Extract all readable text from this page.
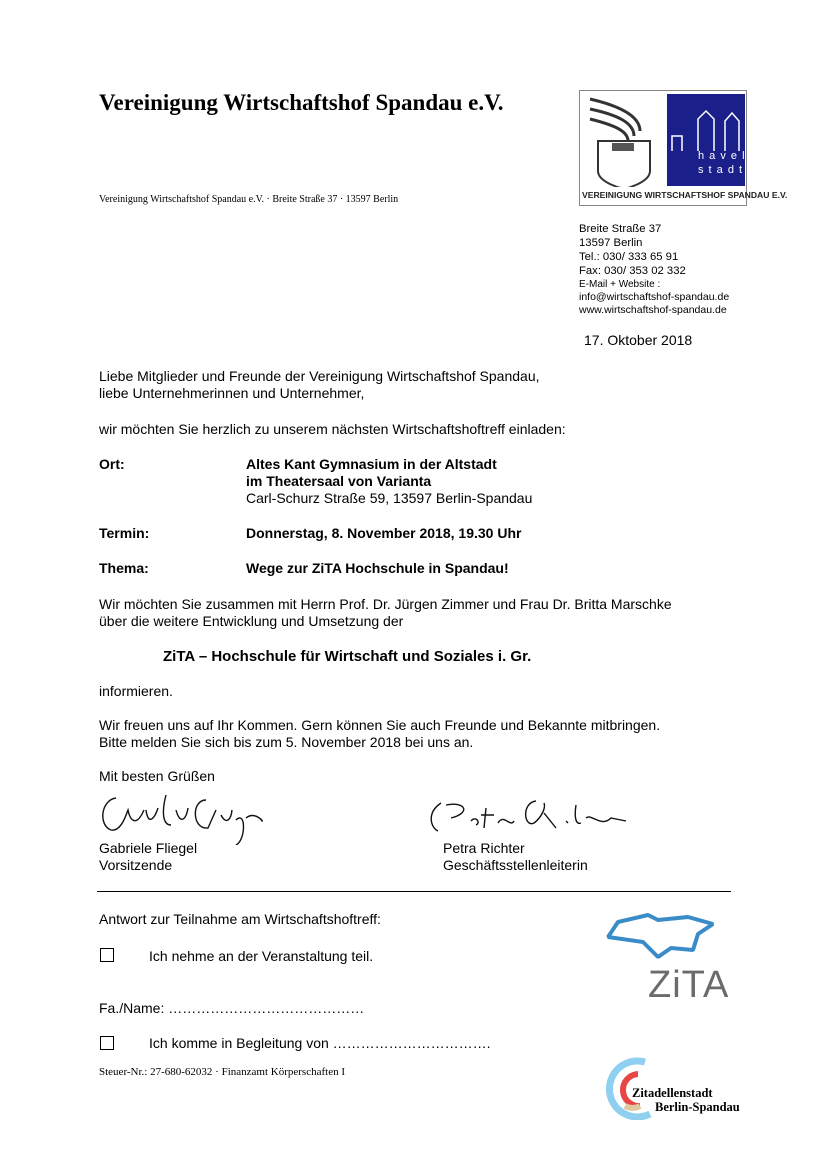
Vereinigung Wirtschaftshof Spandau e.V.
Vereinigung Wirtschaftshof Spandau e.V. · Breite Straße 37 · 13597 Berlin
h a v e l
s t a d t
VEREINIGUNG WIRTSCHAFTSHOF SPANDAU E.V.
Breite Straße 37
13597 Berlin
Tel.: 030/ 333 65 91
Fax: 030/ 353 02 332
E-Mail + Website :
info@wirtschaftshof-spandau.de
www.wirtschaftshof-spandau.de
17. Oktober 2018
Liebe Mitglieder und Freunde der Vereinigung Wirtschaftshof Spandau,
liebe Unternehmerinnen und Unternehmer,
wir möchten Sie herzlich zu unserem nächsten Wirtschaftshoftreff einladen:
Ort:	Altes Kant Gymnasium in der Altstadt
im Theatersaal von Varianta
Carl-Schurz Straße 59, 13597 Berlin-Spandau
Termin:	Donnerstag, 8. November 2018, 19.30 Uhr
Thema:	Wege zur ZiTA Hochschule in Spandau!
Wir möchten Sie zusammen mit Herrn Prof. Dr. Jürgen Zimmer und Frau Dr. Britta Marschke
über die weitere Entwicklung und Umsetzung der
ZiTA – Hochschule für Wirtschaft und Soziales i. Gr.
informieren.
Wir freuen uns auf Ihr Kommen. Gern können Sie auch Freunde und Bekannte mitbringen.
Bitte melden Sie sich bis zum 5. November 2018 bei uns an.
Mit besten Grüßen
Gabriele Fliegel
Vorsitzende
Petra Richter
Geschäftsstellenleiterin
Antwort zur Teilnahme am Wirtschaftshoftreff:
Ich nehme an der Veranstaltung teil.
Fa./Name: ……………………………………
Ich komme in Begleitung von …………………………….
Steuer-Nr.: 27-680-62032 · Finanzamt Körperschaften I
ZiTA
Zitadellenstadt
Berlin-Spandau
